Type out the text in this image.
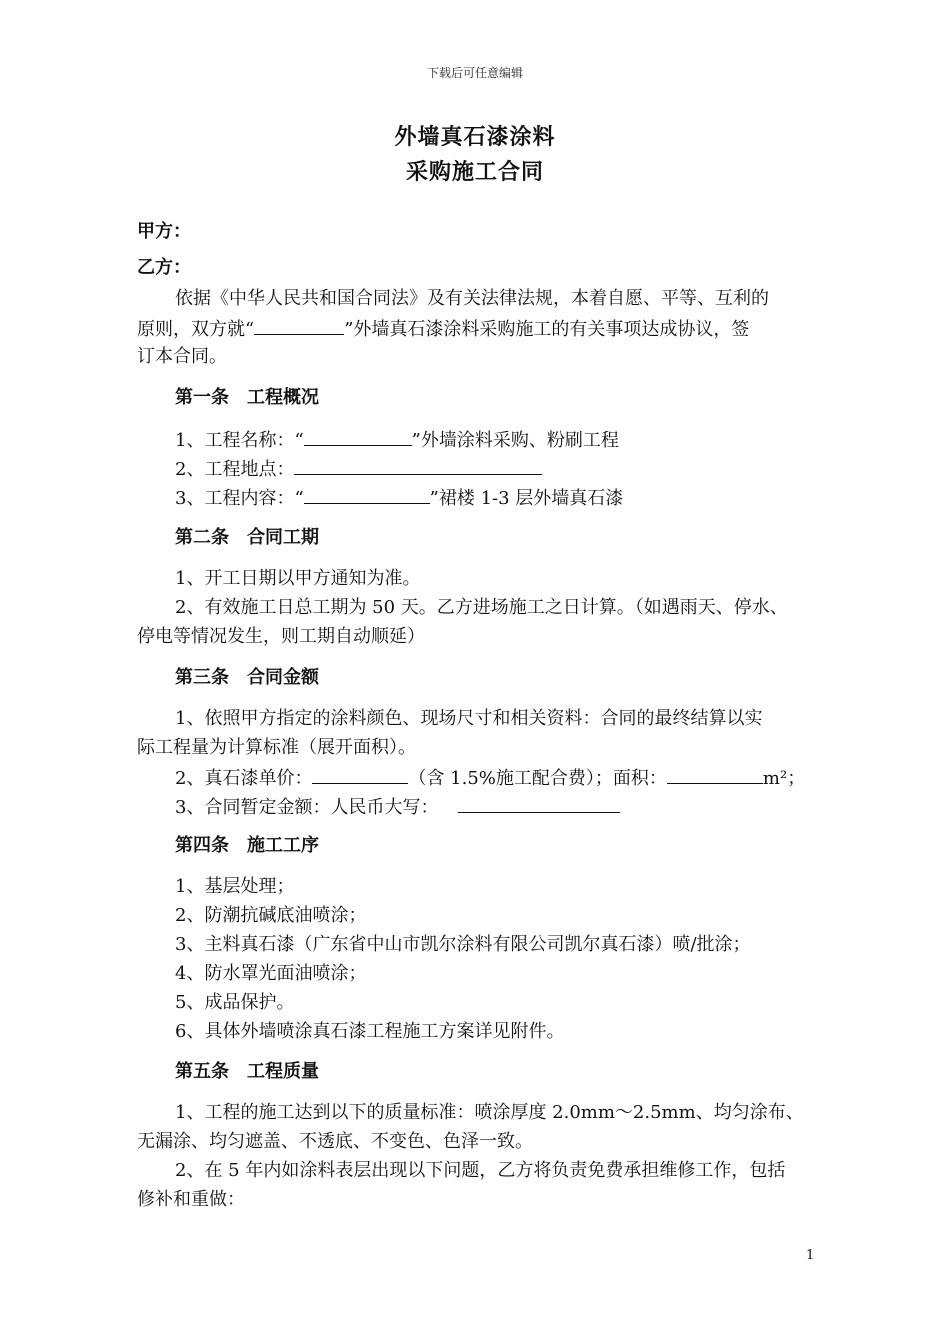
下载后可任意编辑
外墙真石漆涂料
采购施工合同
甲方：
乙方：
依据《中华人民共和国合同法》及有关法律法规，本着自愿、平等、互利的
原则，双方就“	”外墙真石漆涂料采购施工的有关事项达成协议，签
订本合同。
第一条 工程概况
1、工程名称：“	”外墙涂料采购、粉刷工程
2、工程地点：
3、工程内容：“	”裙楼 1-3 层外墙真石漆
第二条 合同工期
1、开工日期以甲方通知为准。
2、有效施工日总工期为 50 天。乙方进场施工之日计算。（如遇雨天、停水、
停电等情况发生，则工期自动顺延）
第三条 合同金额
1、依照甲方指定的涂料颜色、现场尺寸和相关资料：合同的最终结算以实
际工程量为计算标准（展开面积）。
2、真石漆单价：	（含 1.5%施工配合费）；面积：	m²；
3、合同暂定金额：人民币大写：
第四条 施工工序
1、基层处理；
2、防潮抗碱底油喷涂；
3、主料真石漆（广东省中山市凯尔涂料有限公司凯尔真石漆）喷/批涂；
4、防水罩光面油喷涂；
5、成品保护。
6、具体外墙喷涂真石漆工程施工方案详见附件。
第五条 工程质量
1、工程的施工达到以下的质量标准：喷涂厚度 2.0mm～2.5mm、均匀涂布、
无漏涂、均匀遮盖、不透底、不变色、色泽一致。
2、在 5 年内如涂料表层出现以下问题，乙方将负责免费承担维修工作，包括
修补和重做：
1
